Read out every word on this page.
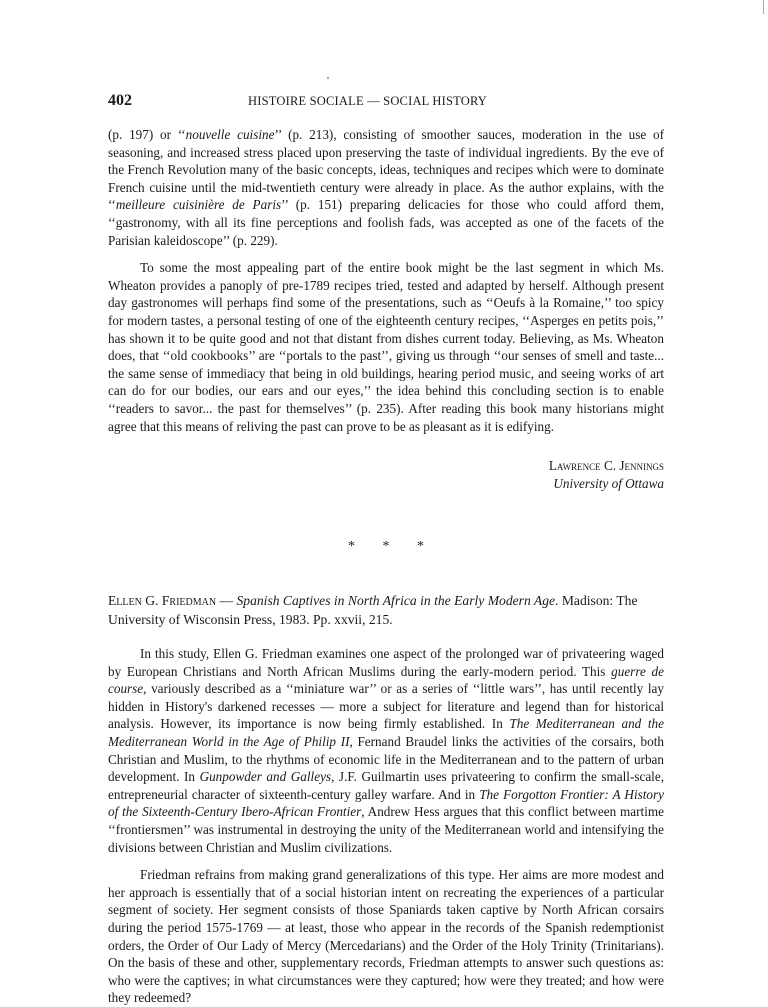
402	HISTOIRE SOCIALE — SOCIAL HISTORY

(p. 197) or ‘‘nouvelle cuisine’’ (p. 213), consisting of smoother sauces, moderation in the use of seasoning, and increased stress placed upon preserving the taste of individual ingredients. By the eve of the French Revolution many of the basic concepts, ideas, techniques and recipes which were to dominate French cuisine until the mid-twentieth century were already in place. As the author explains, with the ‘‘meilleure cuisinière de Paris’’ (p. 151) preparing delicacies for those who could afford them, ‘‘gastronomy, with all its fine perceptions and foolish fads, was accepted as one of the facets of the Parisian kaleidoscope’’ (p. 229).

To some the most appealing part of the entire book might be the last segment in which Ms. Wheaton provides a panoply of pre-1789 recipes tried, tested and adapted by herself. Although present day gastronomes will perhaps find some of the presentations, such as ‘‘Oeufs à la Romaine,’’ too spicy for modern tastes, a personal testing of one of the eighteenth century recipes, ‘‘Asperges en petits pois,’’ has shown it to be quite good and not that distant from dishes current today. Believing, as Ms. Wheaton does, that ‘‘old cookbooks’’ are ‘‘portals to the past’’, giving us through ‘‘our senses of smell and taste... the same sense of immediacy that being in old buildings, hearing period music, and seeing works of art can do for our bodies, our ears and our eyes,’’ the idea behind this concluding section is to enable ‘‘readers to savor... the past for themselves’’ (p. 235). After reading this book many historians might agree that this means of reliving the past can prove to be as pleasant as it is edifying.

Lawrence C. Jennings
University of Ottawa
* * *
Ellen G. Friedman — Spanish Captives in North Africa in the Early Modern Age. Madison: The University of Wisconsin Press, 1983. Pp. xxvii, 215.

In this study, Ellen G. Friedman examines one aspect of the prolonged war of privateering waged by European Christians and North African Muslims during the early-modern period. This guerre de course, variously described as a ‘‘miniature war’’ or as a series of ‘‘little wars’’, has until recently lay hidden in History's darkened recesses — more a subject for literature and legend than for historical analysis. However, its importance is now being firmly established. In The Mediterranean and the Mediterranean World in the Age of Philip II, Fernand Braudel links the activities of the corsairs, both Christian and Muslim, to the rhythms of economic life in the Mediterranean and to the pattern of urban development. In Gunpowder and Galleys, J.F. Guilmartin uses privateering to confirm the small-scale, entrepreneurial character of sixteenth-century galley warfare. And in The Forgotton Frontier: A History of the Sixteenth-Century Ibero-African Frontier, Andrew Hess argues that this conflict between martime ‘‘frontiersmen’’ was instrumental in destroying the unity of the Mediterranean world and intensifying the divisions between Christian and Muslim civilizations.

Friedman refrains from making grand generalizations of this type. Her aims are more modest and her approach is essentially that of a social historian intent on recreating the experiences of a particular segment of society. Her segment consists of those Spaniards taken captive by North African corsairs during the period 1575-1769 — at least, those who appear in the records of the Spanish redemptionist orders, the Order of Our Lady of Mercy (Mercedarians) and the Order of the Holy Trinity (Trinitarians). On the basis of these and other, supplementary records, Friedman attempts to answer such questions as: who were the captives; in what circumstances were they captured; how were they treated; and how were they redeemed?
